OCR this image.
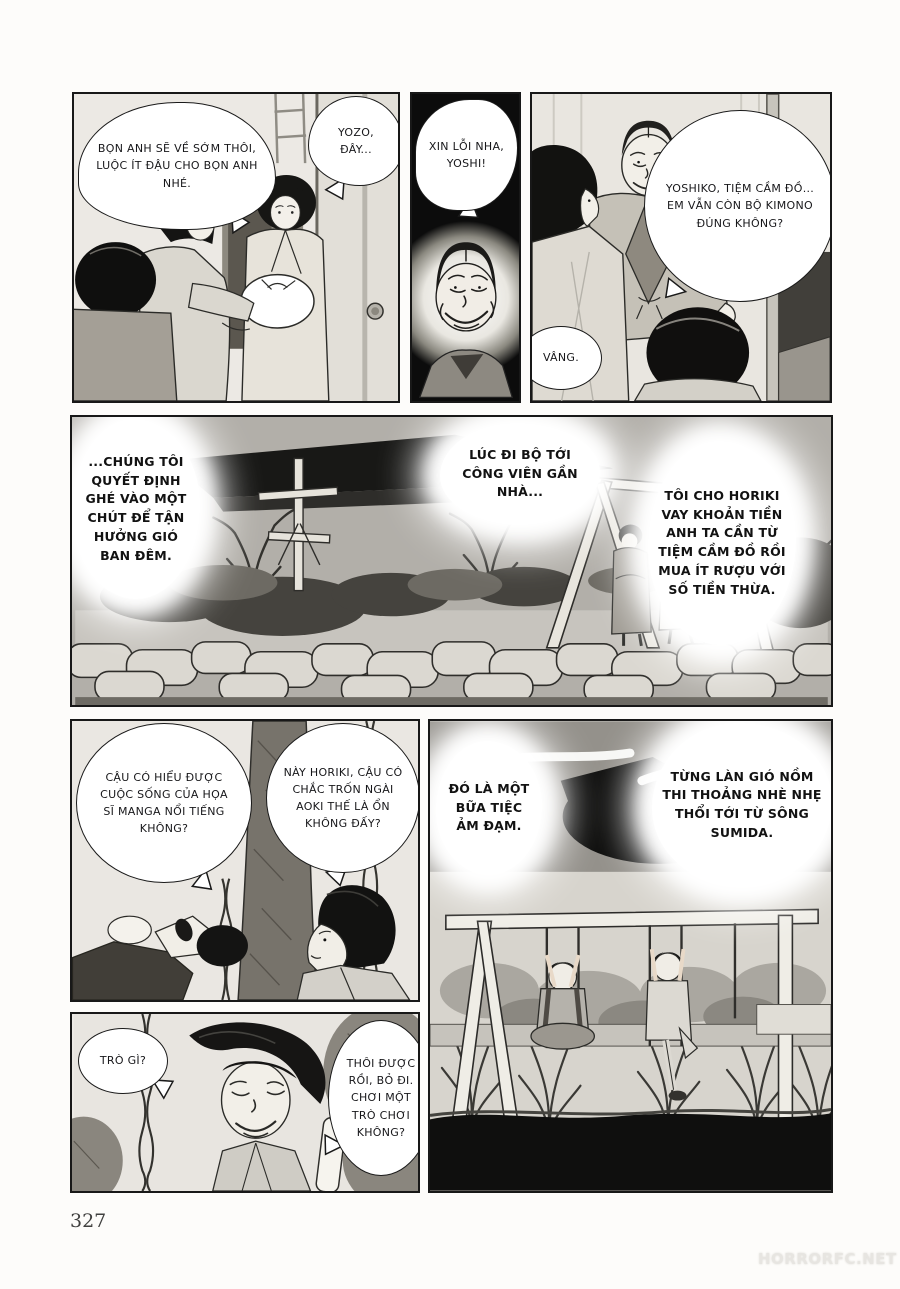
BỌN ANH SẼ VỀ SỚM THÔI, LUỘC ÍT ĐẬU CHO BỌN ANH NHÉ.
YOZO, ĐÂY...	XIN LỖI NHA, YOSHI!
YOSHIKO, TIỆM CẦM ĐỒ... EM VẪN CÒN BỘ KIMONO ĐÚNG KHÔNG?
VÂNG.
...CHÚNG TÔI QUYẾT ĐỊNH GHÉ VÀO MỘT CHÚT ĐỂ TẬN HƯỞNG GIÓ BAN ĐÊM.
LÚC ĐI BỘ TỚI CÔNG VIÊN GẦN NHÀ...	TÔI CHO HORIKI VAY KHOẢN TIỀN ANH TA CẦN TỪ TIỆM CẦM ĐỒ RỒI MUA ÍT RƯỢU VỚI SỐ TIỀN THỪA.
CẬU CÓ HIỂU ĐƯỢC CUỘC SỐNG CỦA HỌA SĨ MANGA NỔI TIẾNG KHÔNG?
NÀY HORIKI, CẬU CÓ CHẮC TRỐN NGÀI AOKI THẾ LÀ ỔN KHÔNG ĐẤY?
TRÒ GÌ?	THÔI ĐƯỢC RỒI, BỎ ĐI. CHƠI MỘT TRÒ CHƠI KHÔNG?
ĐÓ LÀ MỘT BỮA TIỆC ẢM ĐẠM.
TỪNG LÀN GIÓ NỒM THI THOẢNG NHÈ NHẸ THỔI TỚI TỪ SÔNG SUMIDA.
327
HORRORFC.NET
